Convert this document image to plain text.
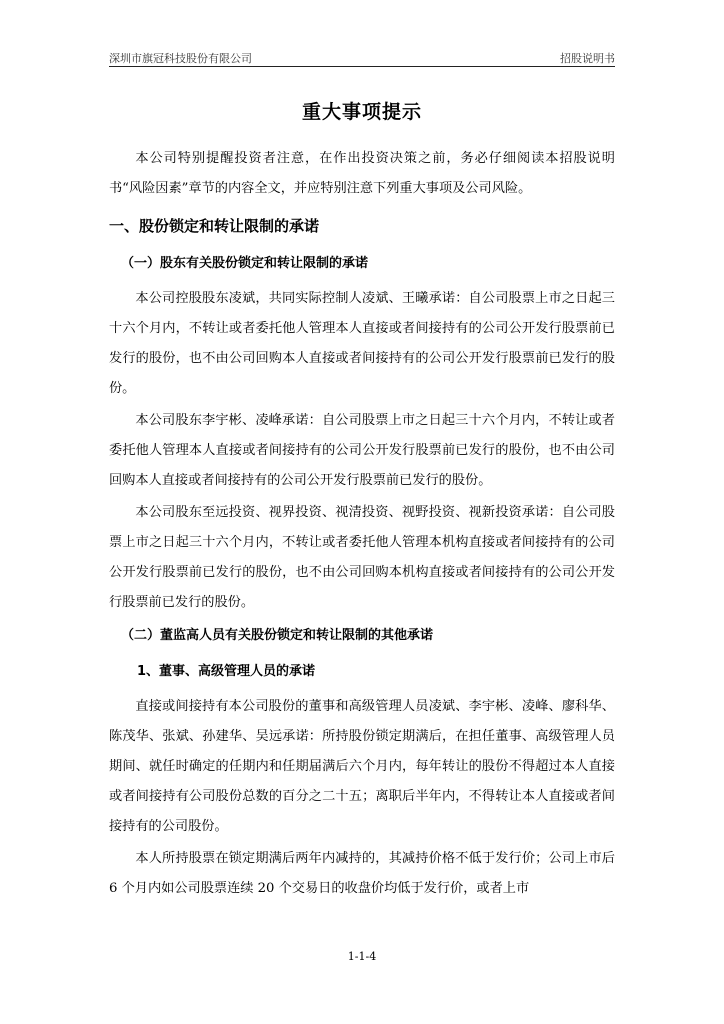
深圳市旗冠科技股份有限公司	招股说明书
重大事项提示

本公司特别提醒投资者注意，在作出投资决策之前，务必仔细阅读本招股说明书“风险因素”章节的内容全文，并应特别注意下列重大事项及公司风险。

一、股份锁定和转让限制的承诺
（一）股东有关股份锁定和转让限制的承诺

本公司控股股东凌斌，共同实际控制人凌斌、王曦承诺：自公司股票上市之日起三十六个月内，不转让或者委托他人管理本人直接或者间接持有的公司公开发行股票前已发行的股份，也不由公司回购本人直接或者间接持有的公司公开发行股票前已发行的股份。

本公司股东李宇彬、凌峰承诺：自公司股票上市之日起三十六个月内，不转让或者委托他人管理本人直接或者间接持有的公司公开发行股票前已发行的股份，也不由公司回购本人直接或者间接持有的公司公开发行股票前已发行的股份。

本公司股东至远投资、视界投资、视清投资、视野投资、视新投资承诺：自公司股票上市之日起三十六个月内，不转让或者委托他人管理本机构直接或者间接持有的公司公开发行股票前已发行的股份，也不由公司回购本机构直接或者间接持有的公司公开发行股票前已发行的股份。

（二）董监高人员有关股份锁定和转让限制的其他承诺
1、董事、高级管理人员的承诺

直接或间接持有本公司股份的董事和高级管理人员凌斌、李宇彬、凌峰、廖科华、陈茂华、张斌、孙建华、吴远承诺：所持股份锁定期满后，在担任董事、高级管理人员期间、就任时确定的任期内和任期届满后六个月内，每年转让的股份不得超过本人直接或者间接持有公司股份总数的百分之二十五；离职后半年内，不得转让本人直接或者间接持有的公司股份。

本人所持股票在锁定期满后两年内减持的，其减持价格不低于发行价；公司上市后 6 个月内如公司股票连续 20 个交易日的收盘价均低于发行价，或者上市

1-1-4
